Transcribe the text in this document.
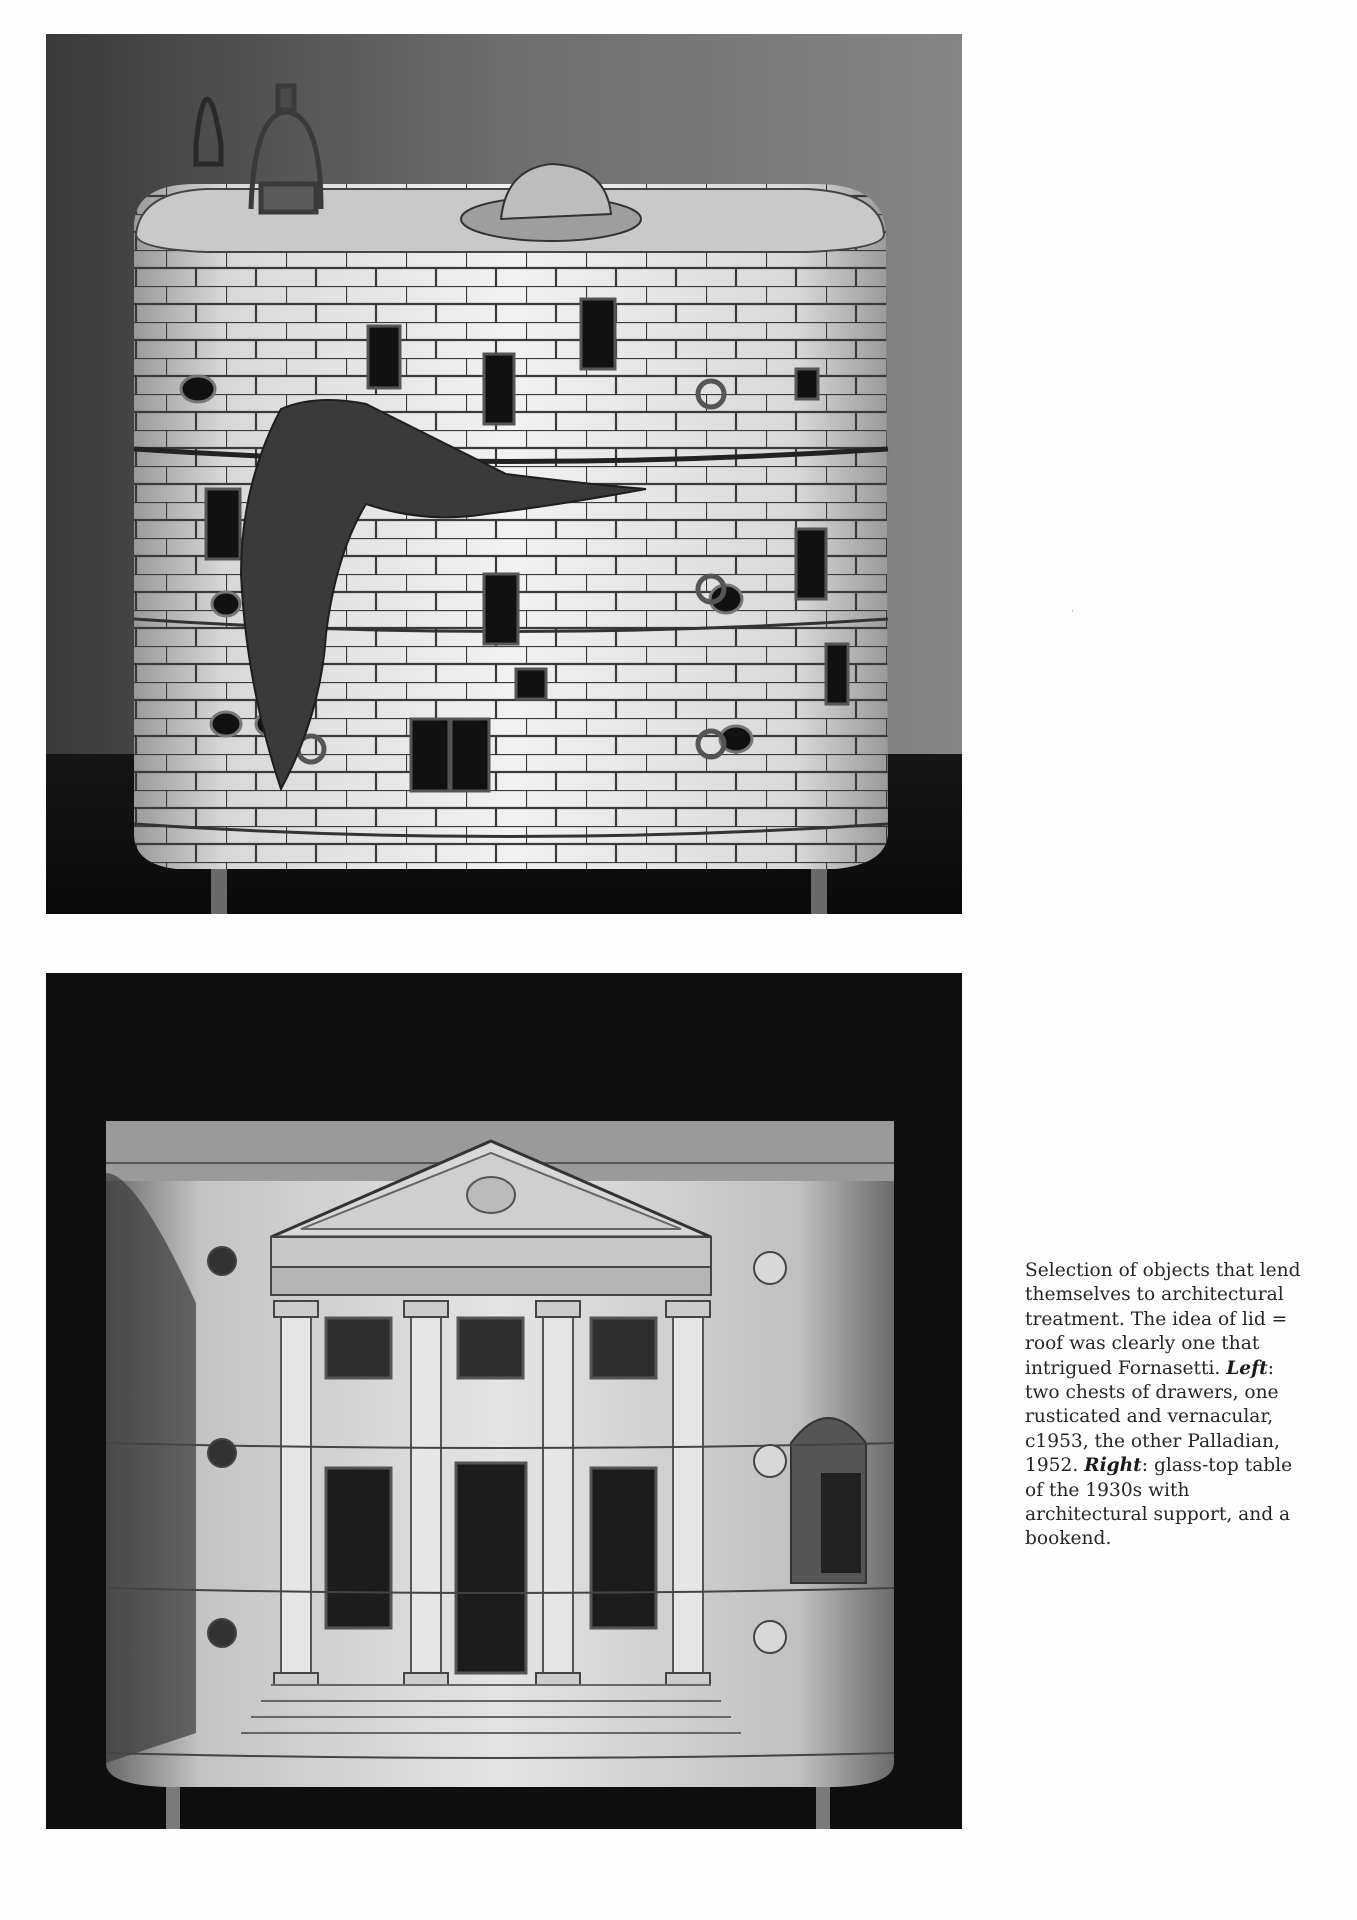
,

Selection of objects that lend themselves to architectural treatment. The idea of lid = roof was clearly one that intrigued Fornasetti. Left: two chests of drawers, one rusticated and vernacular, c1953, the other Palladian, 1952. Right: glass-top table of the 1930s with architectural support, and a bookend.
